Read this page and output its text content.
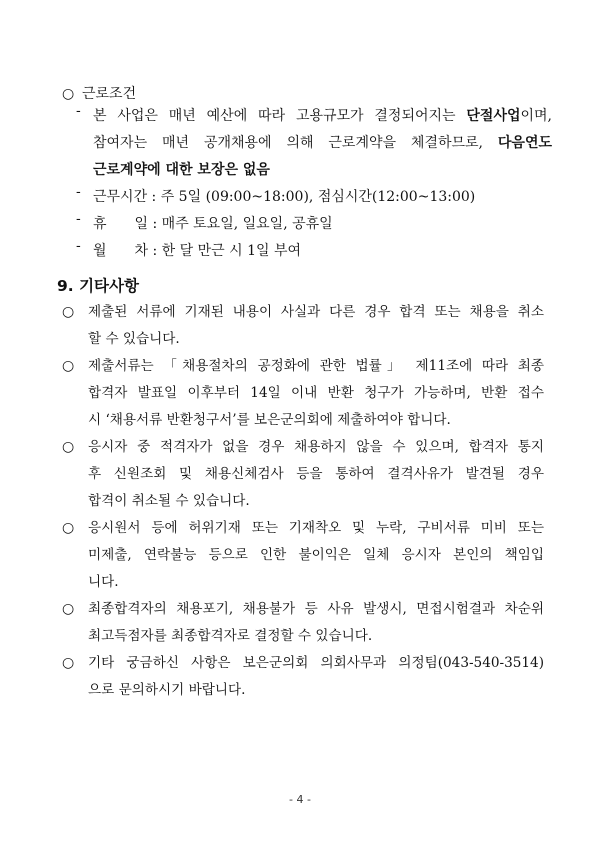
○ 근로조건
- 본 사업은 매년 예산에 따라 고용규모가 결정되어지는 단절사업이며,
참여자는 매년 공개채용에 의해 근로계약을 체결하므로, 다음연도
근로계약에 대한 보장은 없음
- 근무시간 : 주 5일 (09:00~18:00), 점심시간(12:00~13:00)
- 휴　　일 : 매주 토요일, 일요일, 공휴일
- 월　　차 : 한 달 만근 시 1일 부여
9. 기타사항
○	제출된 서류에 기재된 내용이 사실과 다른 경우 합격 또는 채용을 취소
할 수 있습니다.
○	제출서류는 「채용절차의 공정화에 관한 법률」 제11조에 따라 최종
합격자 발표일 이후부터 14일 이내 반환 청구가 가능하며, 반환 접수
시 ‘채용서류 반환청구서’를 보은군의회에 제출하여야 합니다.
○	응시자 중 적격자가 없을 경우 채용하지 않을 수 있으며, 합격자 통지
후 신원조회 및 채용신체검사 등을 통하여 결격사유가 발견될 경우
합격이 취소될 수 있습니다.
○	응시원서 등에 허위기재 또는 기재착오 및 누락, 구비서류 미비 또는
미제출, 연락불능 등으로 인한 불이익은 일체 응시자 본인의 책임입
니다.
○	최종합격자의 채용포기, 채용불가 등 사유 발생시, 면접시험결과 차순위
최고득점자를 최종합격자로 결정할 수 있습니다.
○	기타 궁금하신 사항은 보은군의회 의회사무과 의정팀(043-540-3514)
으로 문의하시기 바랍니다.
- 4 -
